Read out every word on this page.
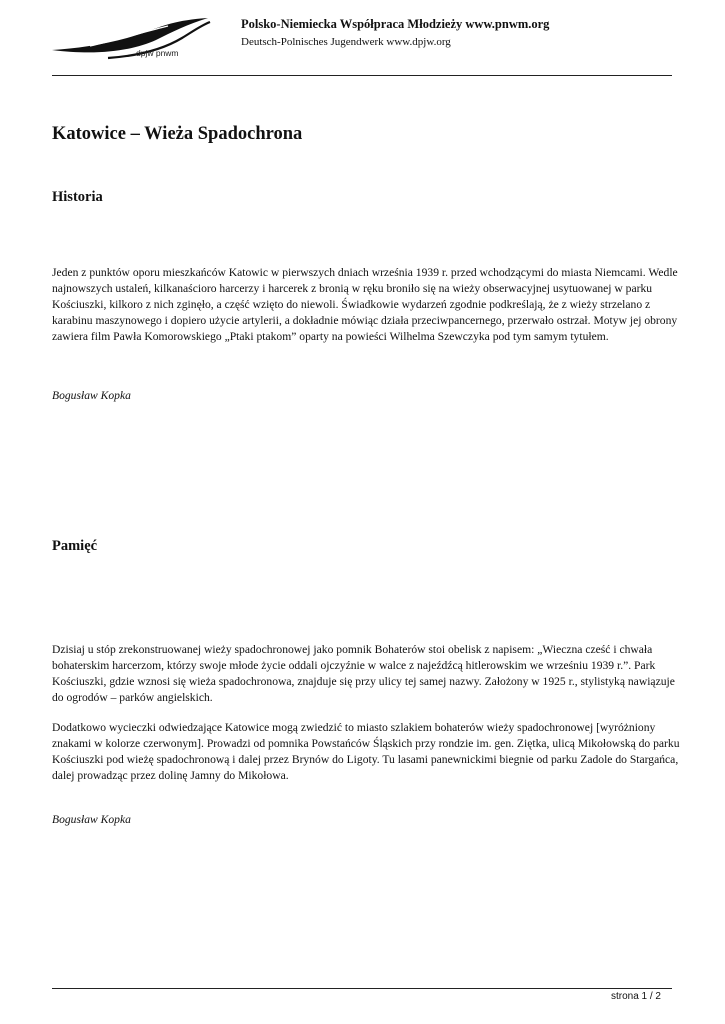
dpjw pnwm
Polsko-Niemiecka Współpraca Młodzieży www.pnwm.org
Deutsch-Polnisches Jugendwerk www.dpjw.org
Katowice – Wieża Spadochrona
Historia

Jeden z punktów oporu mieszkańców Katowic w pierwszych dniach września 1939 r. przed wchodzącymi do miasta Niemcami. Wedle najnowszych ustaleń, kilkanaścioro harcerzy i harcerek z bronią w ręku broniło się na wieży obserwacyjnej usytuowanej w parku Kościuszki, kilkoro z nich zginęło, a część wzięto do niewoli. Świadkowie wydarzeń zgodnie podkreślają, że z wieży strzelano z karabinu maszynowego i dopiero użycie artylerii, a dokładnie mówiąc działa przeciwpancernego, przerwało ostrzał. Motyw jej obrony zawiera film Pawła Komorowskiego „Ptaki ptakom” oparty na powieści Wilhelma Szewczyka pod tym samym tytułem.

Bogusław Kopka

Pamięć

Dzisiaj u stóp zrekonstruowanej wieży spadochronowej jako pomnik Bohaterów stoi obelisk z napisem: „Wieczna cześć i chwała bohaterskim harcerzom, którzy swoje młode życie oddali ojczyźnie w walce z najeźdźcą hitlerowskim we wrześniu 1939 r.”. Park Kościuszki, gdzie wznosi się wieża spadochronowa, znajduje się przy ulicy tej samej nazwy. Założony w 1925 r., stylistyką nawiązuje do ogrodów – parków angielskich.

Dodatkowo wycieczki odwiedzające Katowice mogą zwiedzić to miasto szlakiem bohaterów wieży spadochronowej [wyróżniony znakami w kolorze czerwonym]. Prowadzi od pomnika Powstańców Śląskich przy rondzie im. gen. Ziętka, ulicą Mikołowską do parku Kościuszki pod wieżę spadochronową i dalej przez Brynów do Ligoty. Tu lasami panewnickimi biegnie od parku Zadole do Stargańca, dalej prowadząc przez dolinę Jamny do Mikołowa.

Bogusław Kopka

strona 1 / 2
